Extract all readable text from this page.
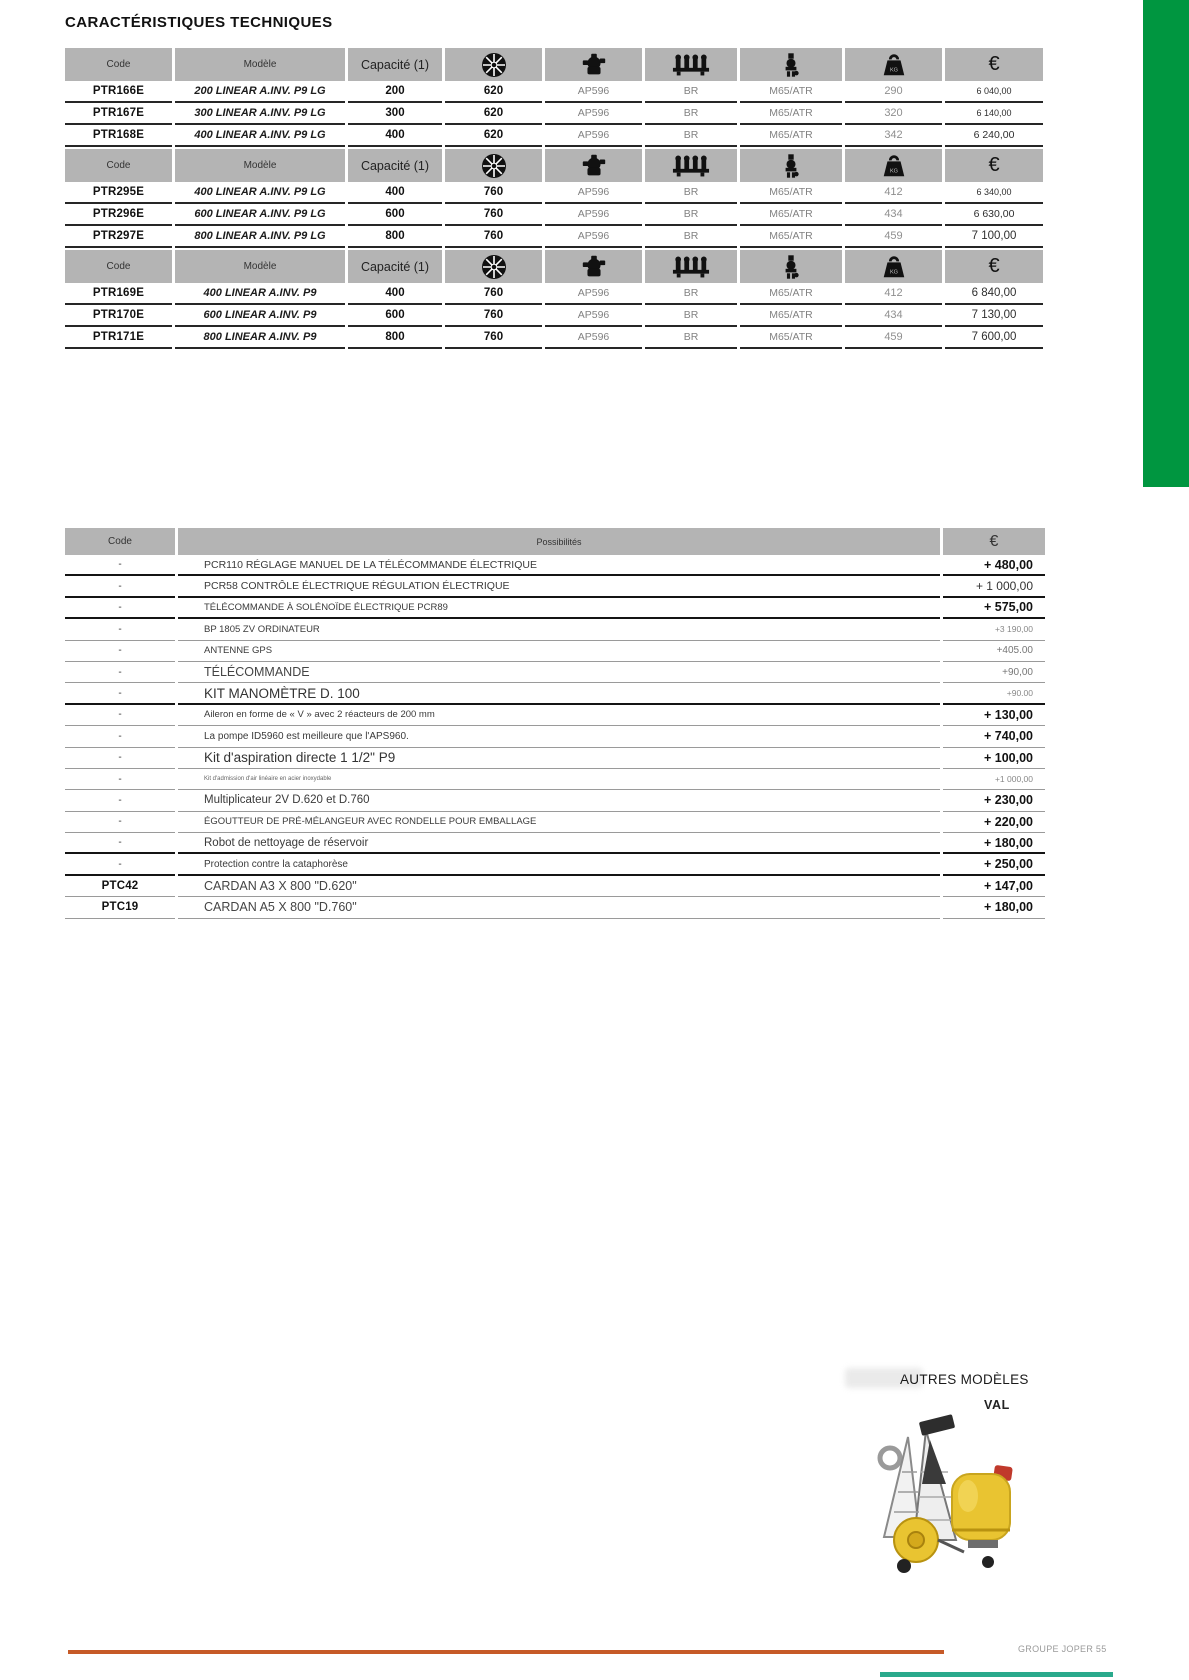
CARACTÉRISTIQUES TECHNIQUES
Code	Modèle	Capacité (1)	KG	€
PTR166E	200 LINEAR A.INV. P9 LG	200	620	AP596	BR	M65/ATR	290	6 040,00
PTR167E	300 LINEAR A.INV. P9 LG	300	620	AP596	BR	M65/ATR	320	6 140,00
PTR168E	400 LINEAR A.INV. P9 LG	400	620	AP596	BR	M65/ATR	342	6 240,00
Code	Modèle	Capacité (1)	KG	€
PTR295E	400 LINEAR A.INV. P9 LG	400	760	AP596	BR	M65/ATR	412	6 340,00
PTR296E	600 LINEAR A.INV. P9 LG	600	760	AP596	BR	M65/ATR	434	6 630,00
PTR297E	800 LINEAR A.INV. P9 LG	800	760	AP596	BR	M65/ATR	459	7 100,00
Code	Modèle	Capacité (1)	KG	€
PTR169E	400 LINEAR A.INV. P9	400	760	AP596	BR	M65/ATR	412	6 840,00
PTR170E	600 LINEAR A.INV. P9	600	760	AP596	BR	M65/ATR	434	7 130,00
PTR171E	800 LINEAR A.INV. P9	800	760	AP596	BR	M65/ATR	459	7 600,00
Code	Possibilités	€
-	PCR110 RÉGLAGE MANUEL DE LA TÉLÉCOMMANDE ÉLECTRIQUE	+ 480,00
-	PCR58 CONTRÔLE ÉLECTRIQUE RÉGULATION ÉLECTRIQUE	+ 1 000,00
-	TÉLÉCOMMANDE À SOLÉNOÏDE ÉLECTRIQUE PCR89	+ 575,00
-	BP 1805 ZV ORDINATEUR	+3 190,00
-	ANTENNE GPS	+405.00
-	TÉLÉCOMMANDE	+90,00
-	KIT MANOMÈTRE D. 100	+90.00
-	Aileron en forme de « V » avec 2 réacteurs de 200 mm	+ 130,00
-	La pompe ID5960 est meilleure que l'APS960.	+ 740,00
-	Kit d'aspiration directe 1 1/2" P9	+ 100,00
-	Kit d'admission d'air linéaire en acier inoxydable	+1 000,00
-	Multiplicateur 2V D.620 et D.760	+ 230,00
-	ÉGOUTTEUR DE PRÉ-MÉLANGEUR AVEC RONDELLE POUR EMBALLAGE	+ 220,00
-	Robot de nettoyage de réservoir	+ 180,00
-	Protection contre la cataphorèse	+ 250,00
PTC42	CARDAN A3 X 800 "D.620"	+ 147,00
PTC19	CARDAN A5 X 800 "D.760"	+ 180,00
AUTRES MODÈLES
VAL
GROUPE JOPER 55
